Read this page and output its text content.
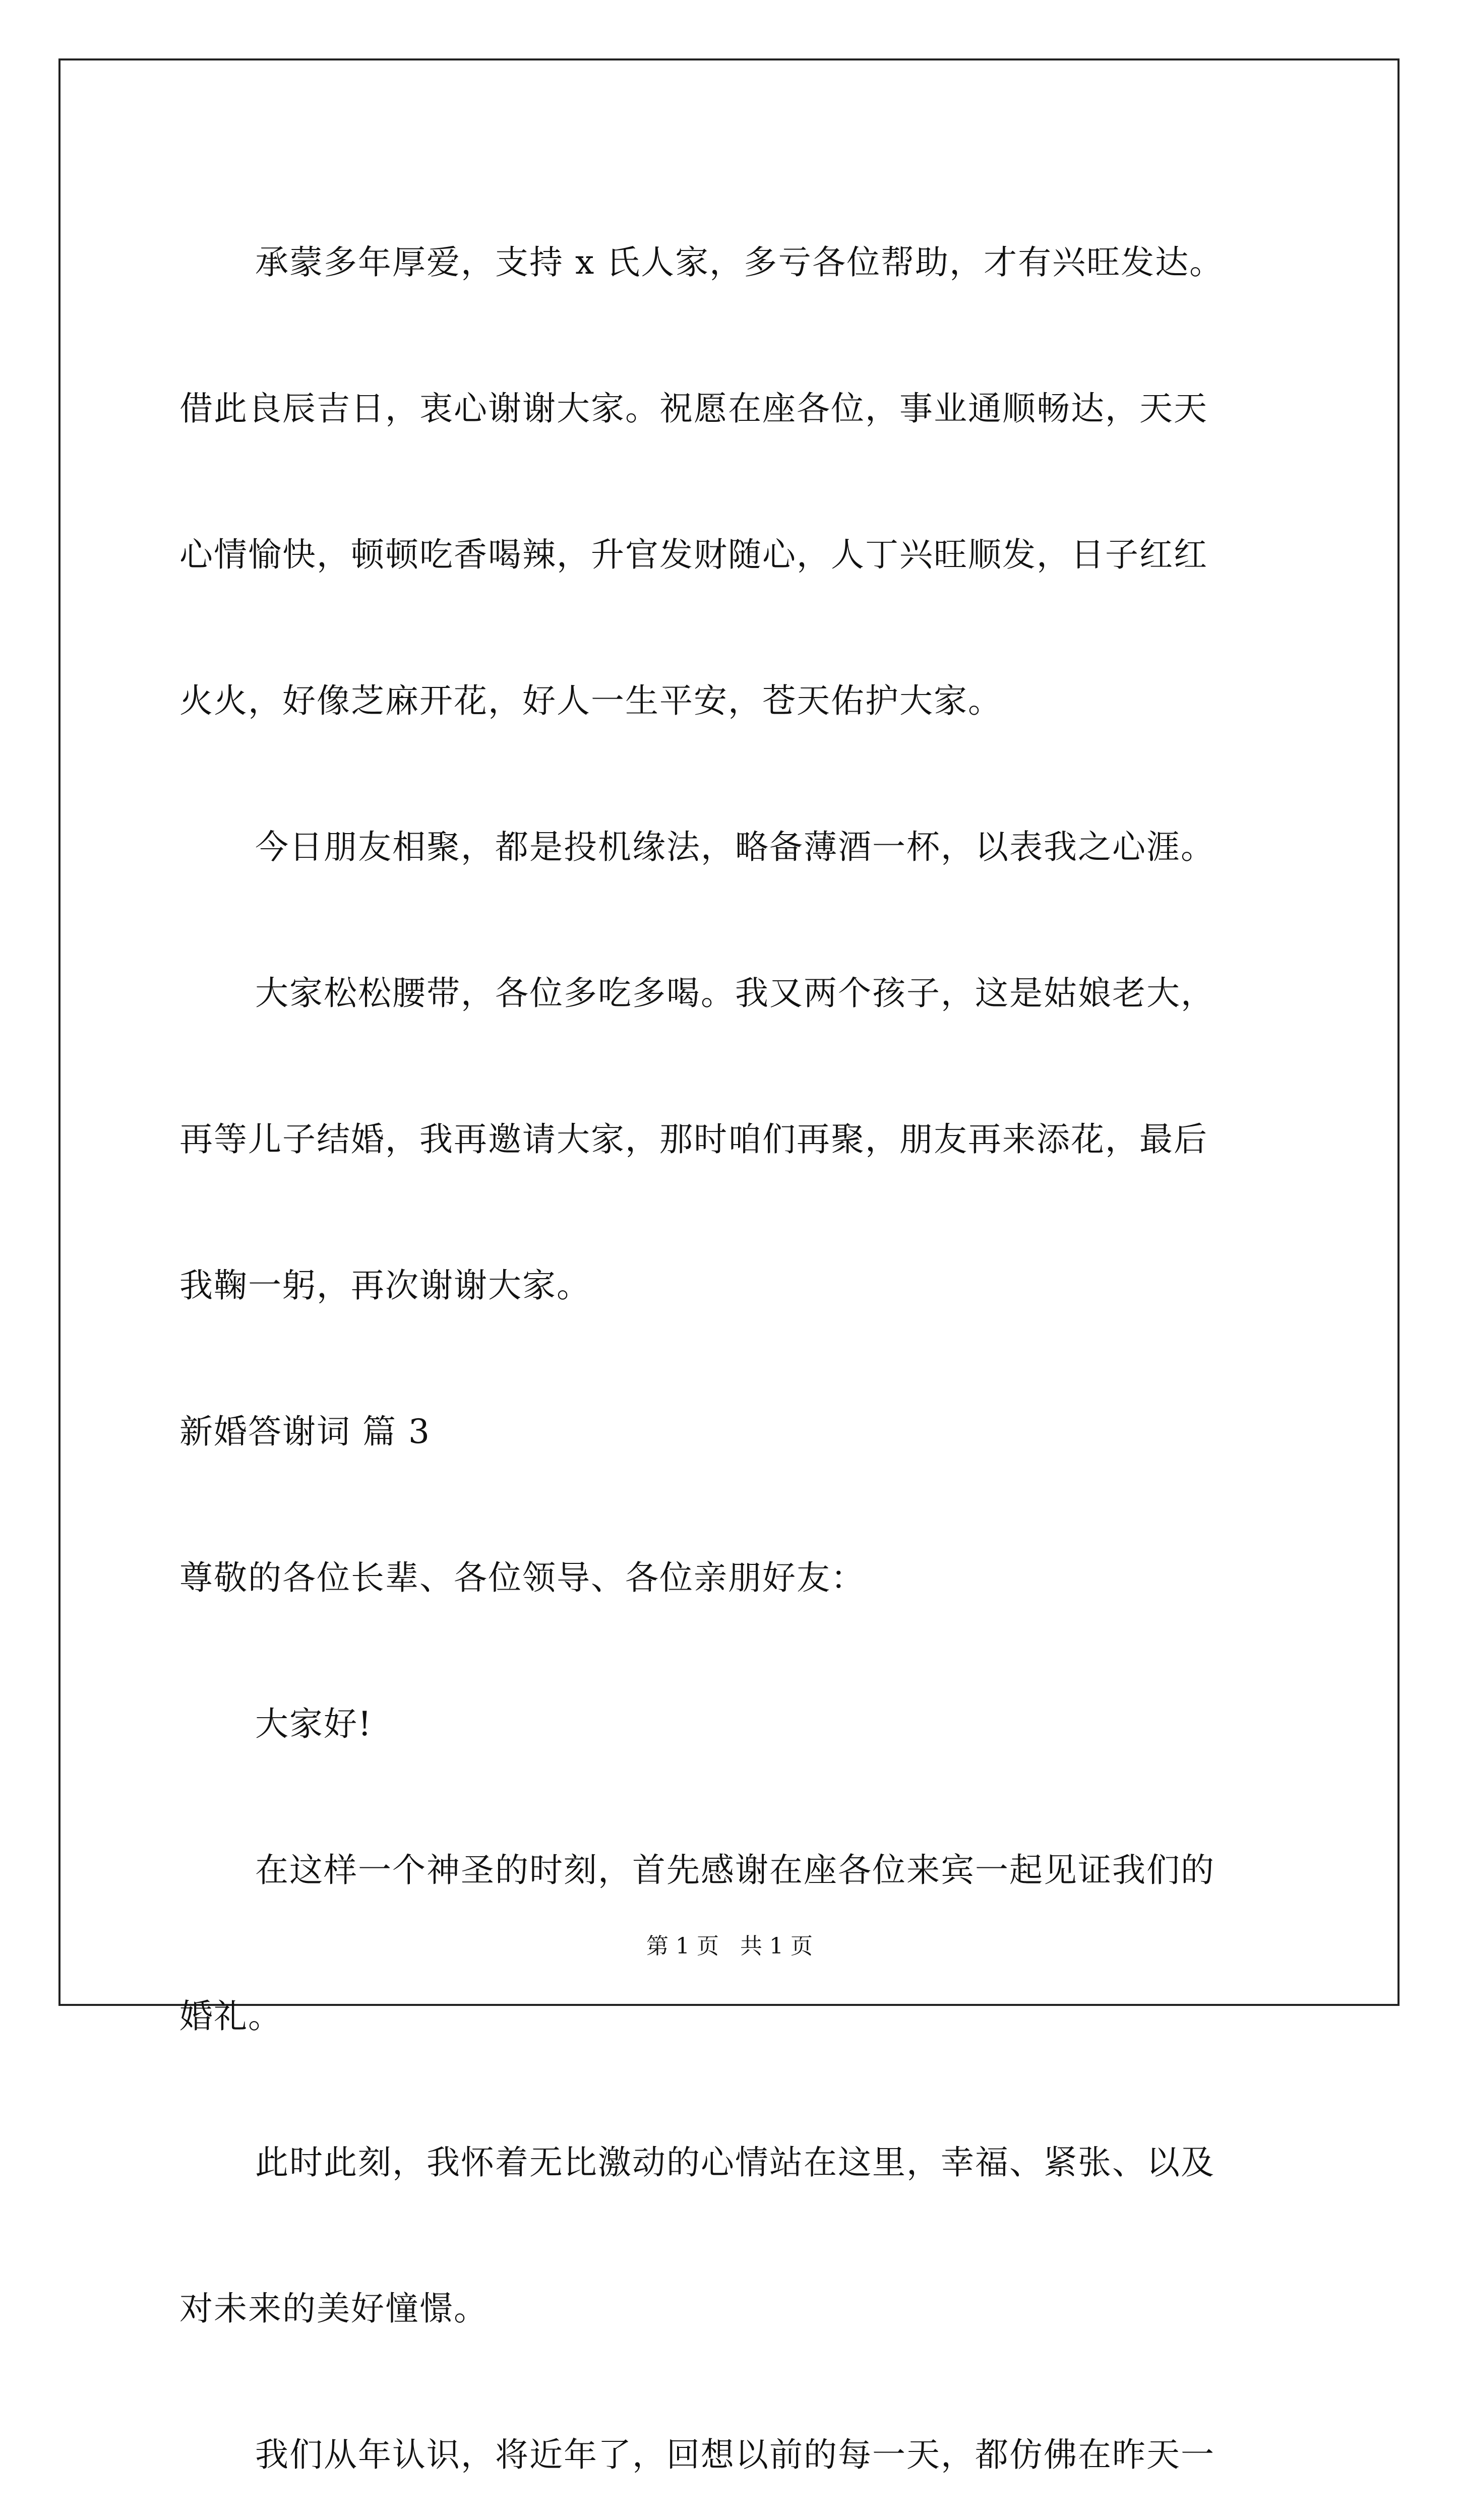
承蒙多年厚爱，支持 x 氏人家，多亏各位帮助，才有兴旺发达。
借此良辰吉日，衷心谢谢大家。祝愿在座各位，事业通顺畅达，天天
心情愉快，顿顿吃香喝辣，升官发财随心，人丁兴旺顺发，日子红红
火火，好像芝麻开花，好人一生平安，苍天佑护大家。
今日朋友相聚，都是投机缘法，略备薄酒一杯，以表我之心涯。
大家松松腰带，各位多吃多喝。我又两个孩子，这是姑娘老大，
再等儿子结婚，我再邀请大家，那时咱们再聚，朋友再来添花，最后
我鞠一躬，再次谢谢大家。
新婚答谢词 篇 3
尊敬的各位长辈、各位领导、各位亲朋好友：
大家好!
在这样一个神圣的时刻，首先感谢在座各位来宾一起见证我们的
婚礼。
此时此刻，我怀着无比激动的心情站在这里，幸福、紧张、以及
对未来的美好憧憬。
我们从年认识，将近年了，回想以前的每一天，都仿佛在昨天一
第 1 页   共 1 页
